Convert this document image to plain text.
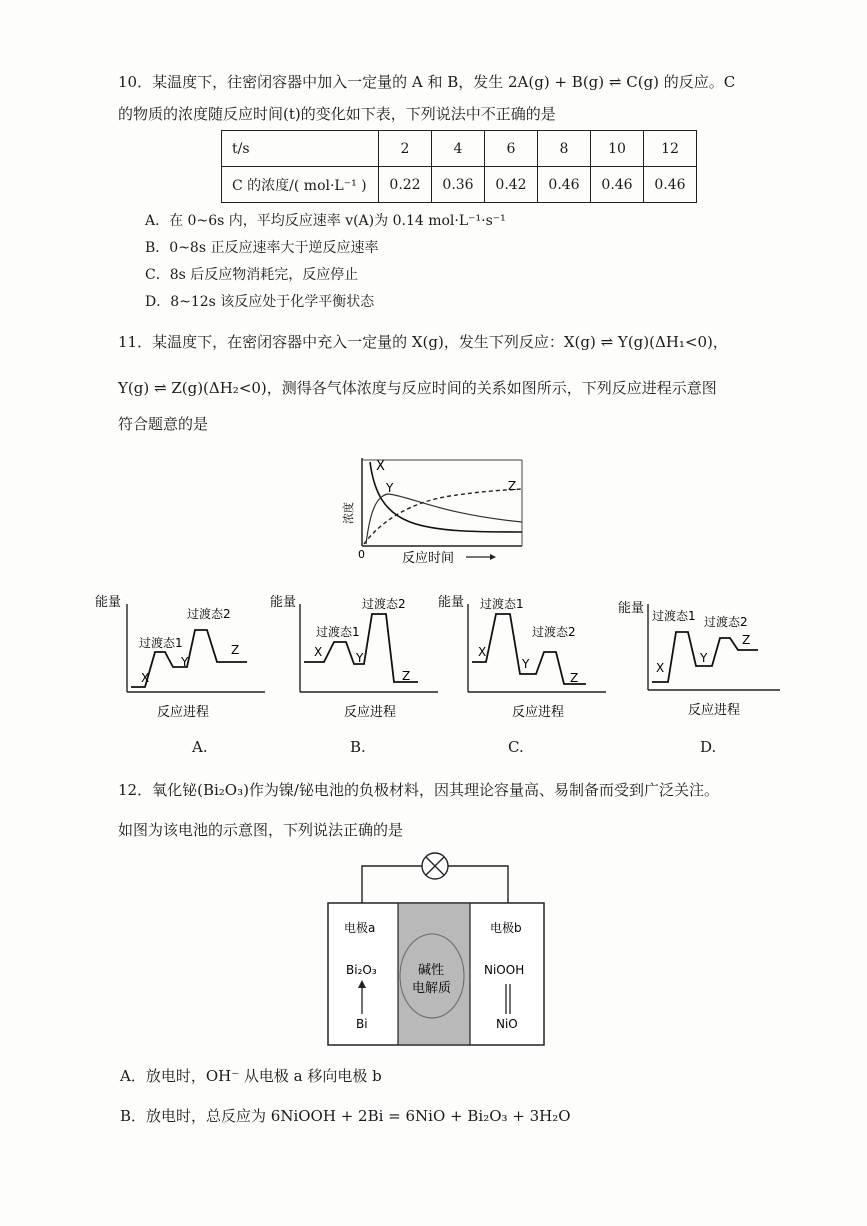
10．某温度下，往密闭容器中加入一定量的 A 和 B，发生 2A(g) + B(g) ⇌ C(g) 的反应。C
的物质的浓度随反应时间(t)的变化如下表，下列说法中不正确的是
t/s	2	4	6	8	10	12
C 的浓度/( mol·L⁻¹ )	0.22	0.36	0.42	0.46	0.46	0.46
A．在 0~6s 内，平均反应速率 v(A)为 0.14 mol·L⁻¹·s⁻¹
B．0~8s 正反应速率大于逆反应速率
C．8s 后反应物消耗完，反应停止
D．8~12s 该反应处于化学平衡状态
11．某温度下，在密闭容器中充入一定量的 X(g)，发生下列反应：X(g) ⇌ Y(g)(ΔH₁<0)，
Y(g) ⇌ Z(g)(ΔH₂<0)，测得各气体浓度与反应时间的关系如图所示，下列反应进程示意图
符合题意的是
X
Y	Z
浓度
0	反应时间
能量
过渡态1
过渡态2
X
Y
Z
反应进程
A.
能量
过渡态1
过渡态2
X	Y
Z
反应进程
B.
能量 过渡态1
过渡态2
X
Y
Z
反应进程
C.
能量 过渡态1 过渡态2
X
Y
Z
反应进程
D.
12．氧化铋(Bi₂O₃)作为镍/铋电池的负极材料，因其理论容量高、易制备而受到广泛关注。
如图为该电池的示意图，下列说法正确的是
电极a	电极b
Bi₂O₃
Bi
NiOOH
NiO
碱性
电解质
A．放电时，OH⁻ 从电极 a 移向电极 b
B．放电时，总反应为 6NiOOH + 2Bi = 6NiO + Bi₂O₃ + 3H₂O
